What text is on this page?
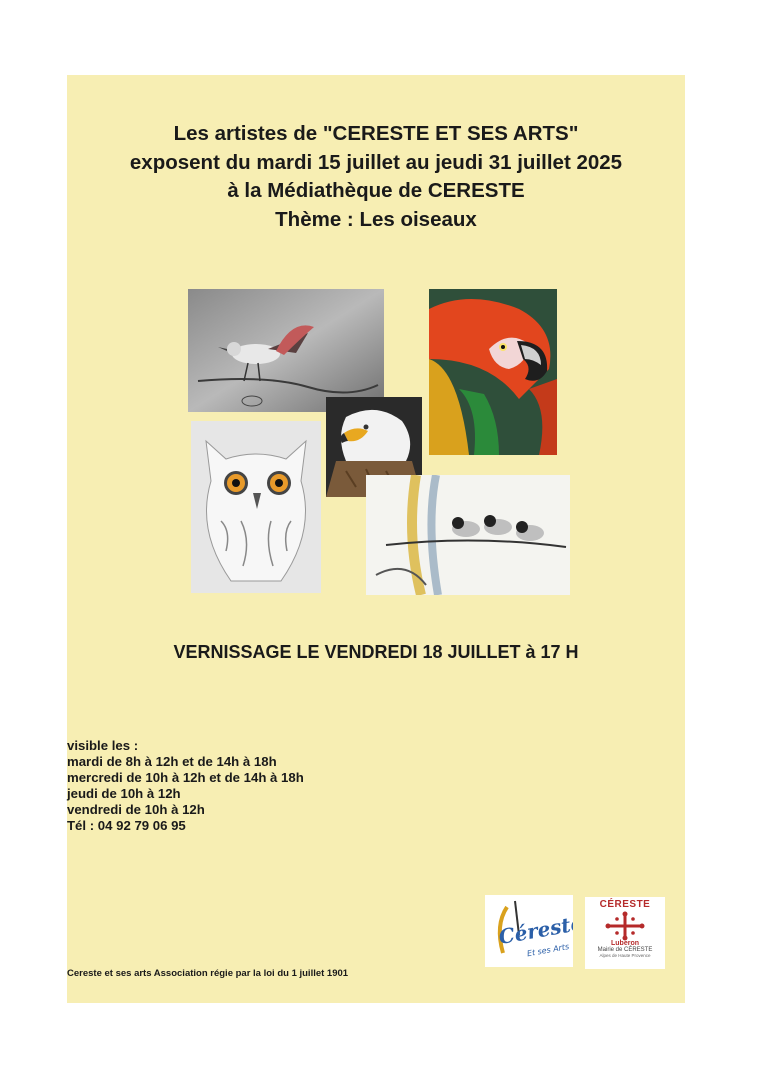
Les artistes de "CERESTE ET SES ARTS"
exposent du mardi 15 juillet au jeudi 31 juillet 2025
à la Médiathèque de CERESTE
Thème : Les oiseaux
VERNISSAGE LE VENDREDI 18 JUILLET à 17 H
visible les :
mardi de 8h à 12h et de 14h à 18h
mercredi de 10h à 12h et de 14h à 18h
jeudi de 10h à 12h
vendredi de 10h à 12h
Tél : 04 92 79 06 95
Céreste
Et ses Arts
CÉRESTE
Luberon
Mairie de CÉRESTE
Alpes de Haute Provence
Cereste et ses arts Association régie par la loi du 1 juillet 1901
